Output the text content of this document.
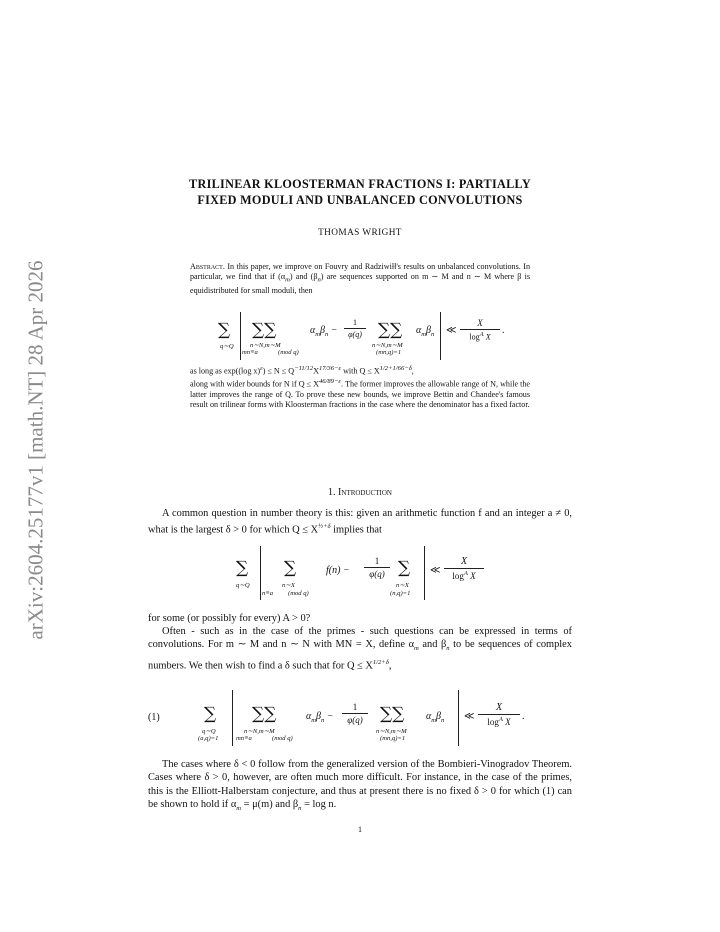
arXiv:2604.25177v1 [math.NT] 28 Apr 2026
TRILINEAR KLOOSTERMAN FRACTIONS I: PARTIALLY
FIXED MODULI AND UNBALANCED CONVOLUTIONS
THOMAS WRIGHT
Abstract. In this paper, we improve on Fouvry and Radziwiłł's results on unbalanced convolutions. In particular, we find that if $(\alpha_m)$ and $(\beta_n)$ are sequences supported on m ∼ M and n ∼ M where β is equidistributed for small moduli, then
∑
q∼Q
∑∑
n∼N,m∼M
mn≡a	(mod q)
$\alpha_m\beta_n$ −
1
φ(q) ∑∑
n∼N,m∼M
(mn,q)=1
$\alpha_m\beta_n$ ≪
X
$\log^A X$
.
as long as exp((log $x)^\varepsilon) \le N \le Q^{-11/12}X^{17/36-\varepsilon}$ with $Q \le X^{1/2+1/66-\delta}$,
along with wider bounds for N if $Q \le X^{46/89-\varepsilon}$. The former improves the allowable range of N, while the latter improves the range of Q. To prove these new bounds, we improve Bettin and Chandee's famous result on trilinear forms with Kloosterman fractions in the case where the denominator has a fixed factor.
1. Introduction
A common question in number theory is this: given an arithmetic function f and an integer a ≠ 0, what is the largest δ > 0 for which $Q \le X^{\frac{1}{2}+\delta}$ implies that
∑
q∼Q
∑
n∼X
n≡a (mod q)
f(n) −
1
φ(q) ∑
n∼X
(n,q)=1
≪
X
$\log^A X$
for some (or possibly for every) A > 0?
Often - such as in the case of the primes - such questions can be expressed in terms of convolutions. For m ∼ M and n ∼ N with MN = X, define $\alpha_m$ and $\beta_n$ to be sequences of complex numbers. We then wish to find a δ such that for $Q \le X^{1/2+\delta}$,
(1)	∑
q∼Q
(a,q)=1
∑∑
n∼N,m∼M
mn≡a	(mod q)
$\alpha_m\beta_n$ −
1
φ(q)	∑∑
n∼N,m∼M
(mn,q)=1
$\alpha_m\beta_n$ ≪
X
$\log^A X$	.
The cases where δ < 0 follow from the generalized version of the Bombieri-Vinogradov Theorem. Cases where δ > 0, however, are often much more difficult. For instance, in the case of the primes, this is the Elliott-Halberstam conjecture, and thus at present there is no fixed δ > 0 for which (1) can be shown to hold if $\alpha_m = \mu(m)$ and $\beta_n = \log n$.
1
